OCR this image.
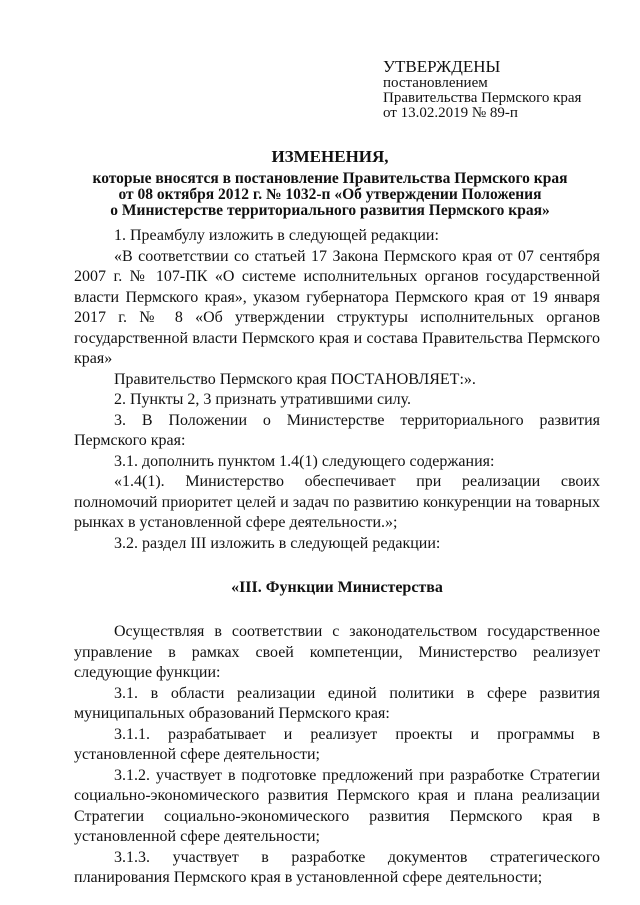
УТВЕРЖДЕНЫ
постановлением
Правительства Пермского края
от 13.02.2019 № 89-п
ИЗМЕНЕНИЯ,
которые вносятся в постановление Правительства Пермского края
от 08 октября 2012 г. № 1032-п «Об утверждении Положения
о Министерстве территориального развития Пермского края»

1. Преамбулу изложить в следующей редакции:

«В соответствии со статьей 17 Закона Пермского края от 07 сентября 2007 г. № 107-ПК «О системе исполнительных органов государственной власти Пермского края», указом губернатора Пермского края от 19 января 2017 г. № 8 «Об утверждении структуры исполнительных органов государственной власти Пермского края и состава Правительства Пермского края»

Правительство Пермского края ПОСТАНОВЛЯЕТ:».

2. Пункты 2, 3 признать утратившими силу.

3. В Положении о Министерстве территориального развития Пермского края:

3.1. дополнить пунктом 1.4(1) следующего содержания:

«1.4(1). Министерство обеспечивает при реализации своих полномочий приоритет целей и задач по развитию конкуренции на товарных рынках в установленной сфере деятельности.»;

3.2. раздел III изложить в следующей редакции:

«III. Функции Министерства

Осуществляя в соответствии с законодательством государственное управление в рамках своей компетенции, Министерство реализует следующие функции:

3.1. в области реализации единой политики в сфере развития муниципальных образований Пермского края:

3.1.1. разрабатывает и реализует проекты и программы в установленной сфере деятельности;

3.1.2. участвует в подготовке предложений при разработке Стратегии социально-экономического развития Пермского края и плана реализации Стратегии социально-экономического развития Пермского края в установленной сфере деятельности;

3.1.3. участвует в разработке документов стратегического планирования Пермского края в установленной сфере деятельности;
